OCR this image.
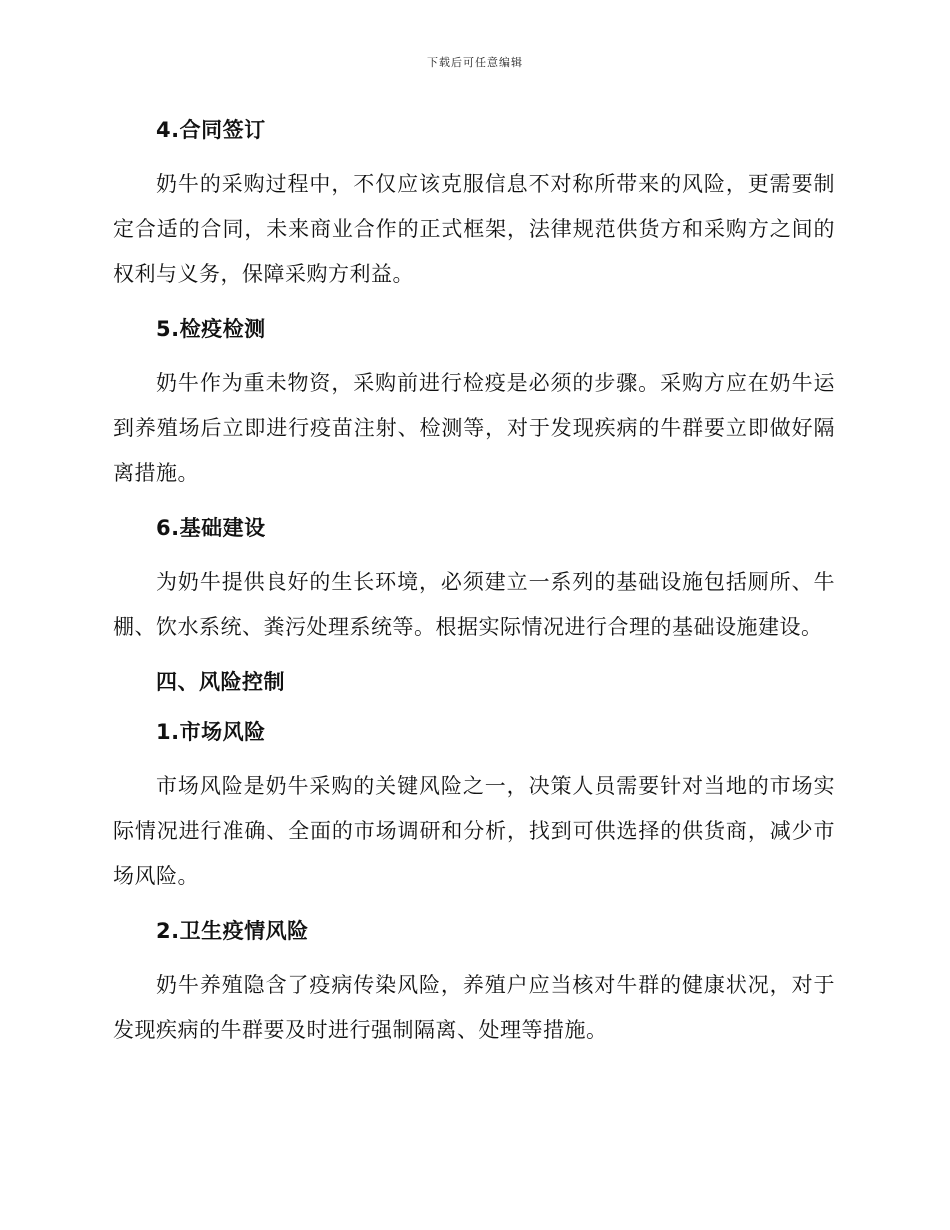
下载后可任意编辑
4.合同签订

奶牛的采购过程中，不仅应该克服信息不对称所带来的风险，更需要制定合适的合同，未来商业合作的正式框架，法律规范供货方和采购方之间的权利与义务，保障采购方利益。

5.检疫检测

奶牛作为重未物资，采购前进行检疫是必须的步骤。采购方应在奶牛运到养殖场后立即进行疫苗注射、检测等，对于发现疾病的牛群要立即做好隔离措施。

6.基础建设

为奶牛提供良好的生长环境，必须建立一系列的基础设施包括厕所、牛棚、饮水系统、粪污处理系统等。根据实际情况进行合理的基础设施建设。

四、风险控制
1.市场风险

市场风险是奶牛采购的关键风险之一，决策人员需要针对当地的市场实际情况进行准确、全面的市场调研和分析，找到可供选择的供货商，减少市场风险。

2.卫生疫情风险

奶牛养殖隐含了疫病传染风险，养殖户应当核对牛群的健康状况，对于发现疾病的牛群要及时进行强制隔离、处理等措施。
